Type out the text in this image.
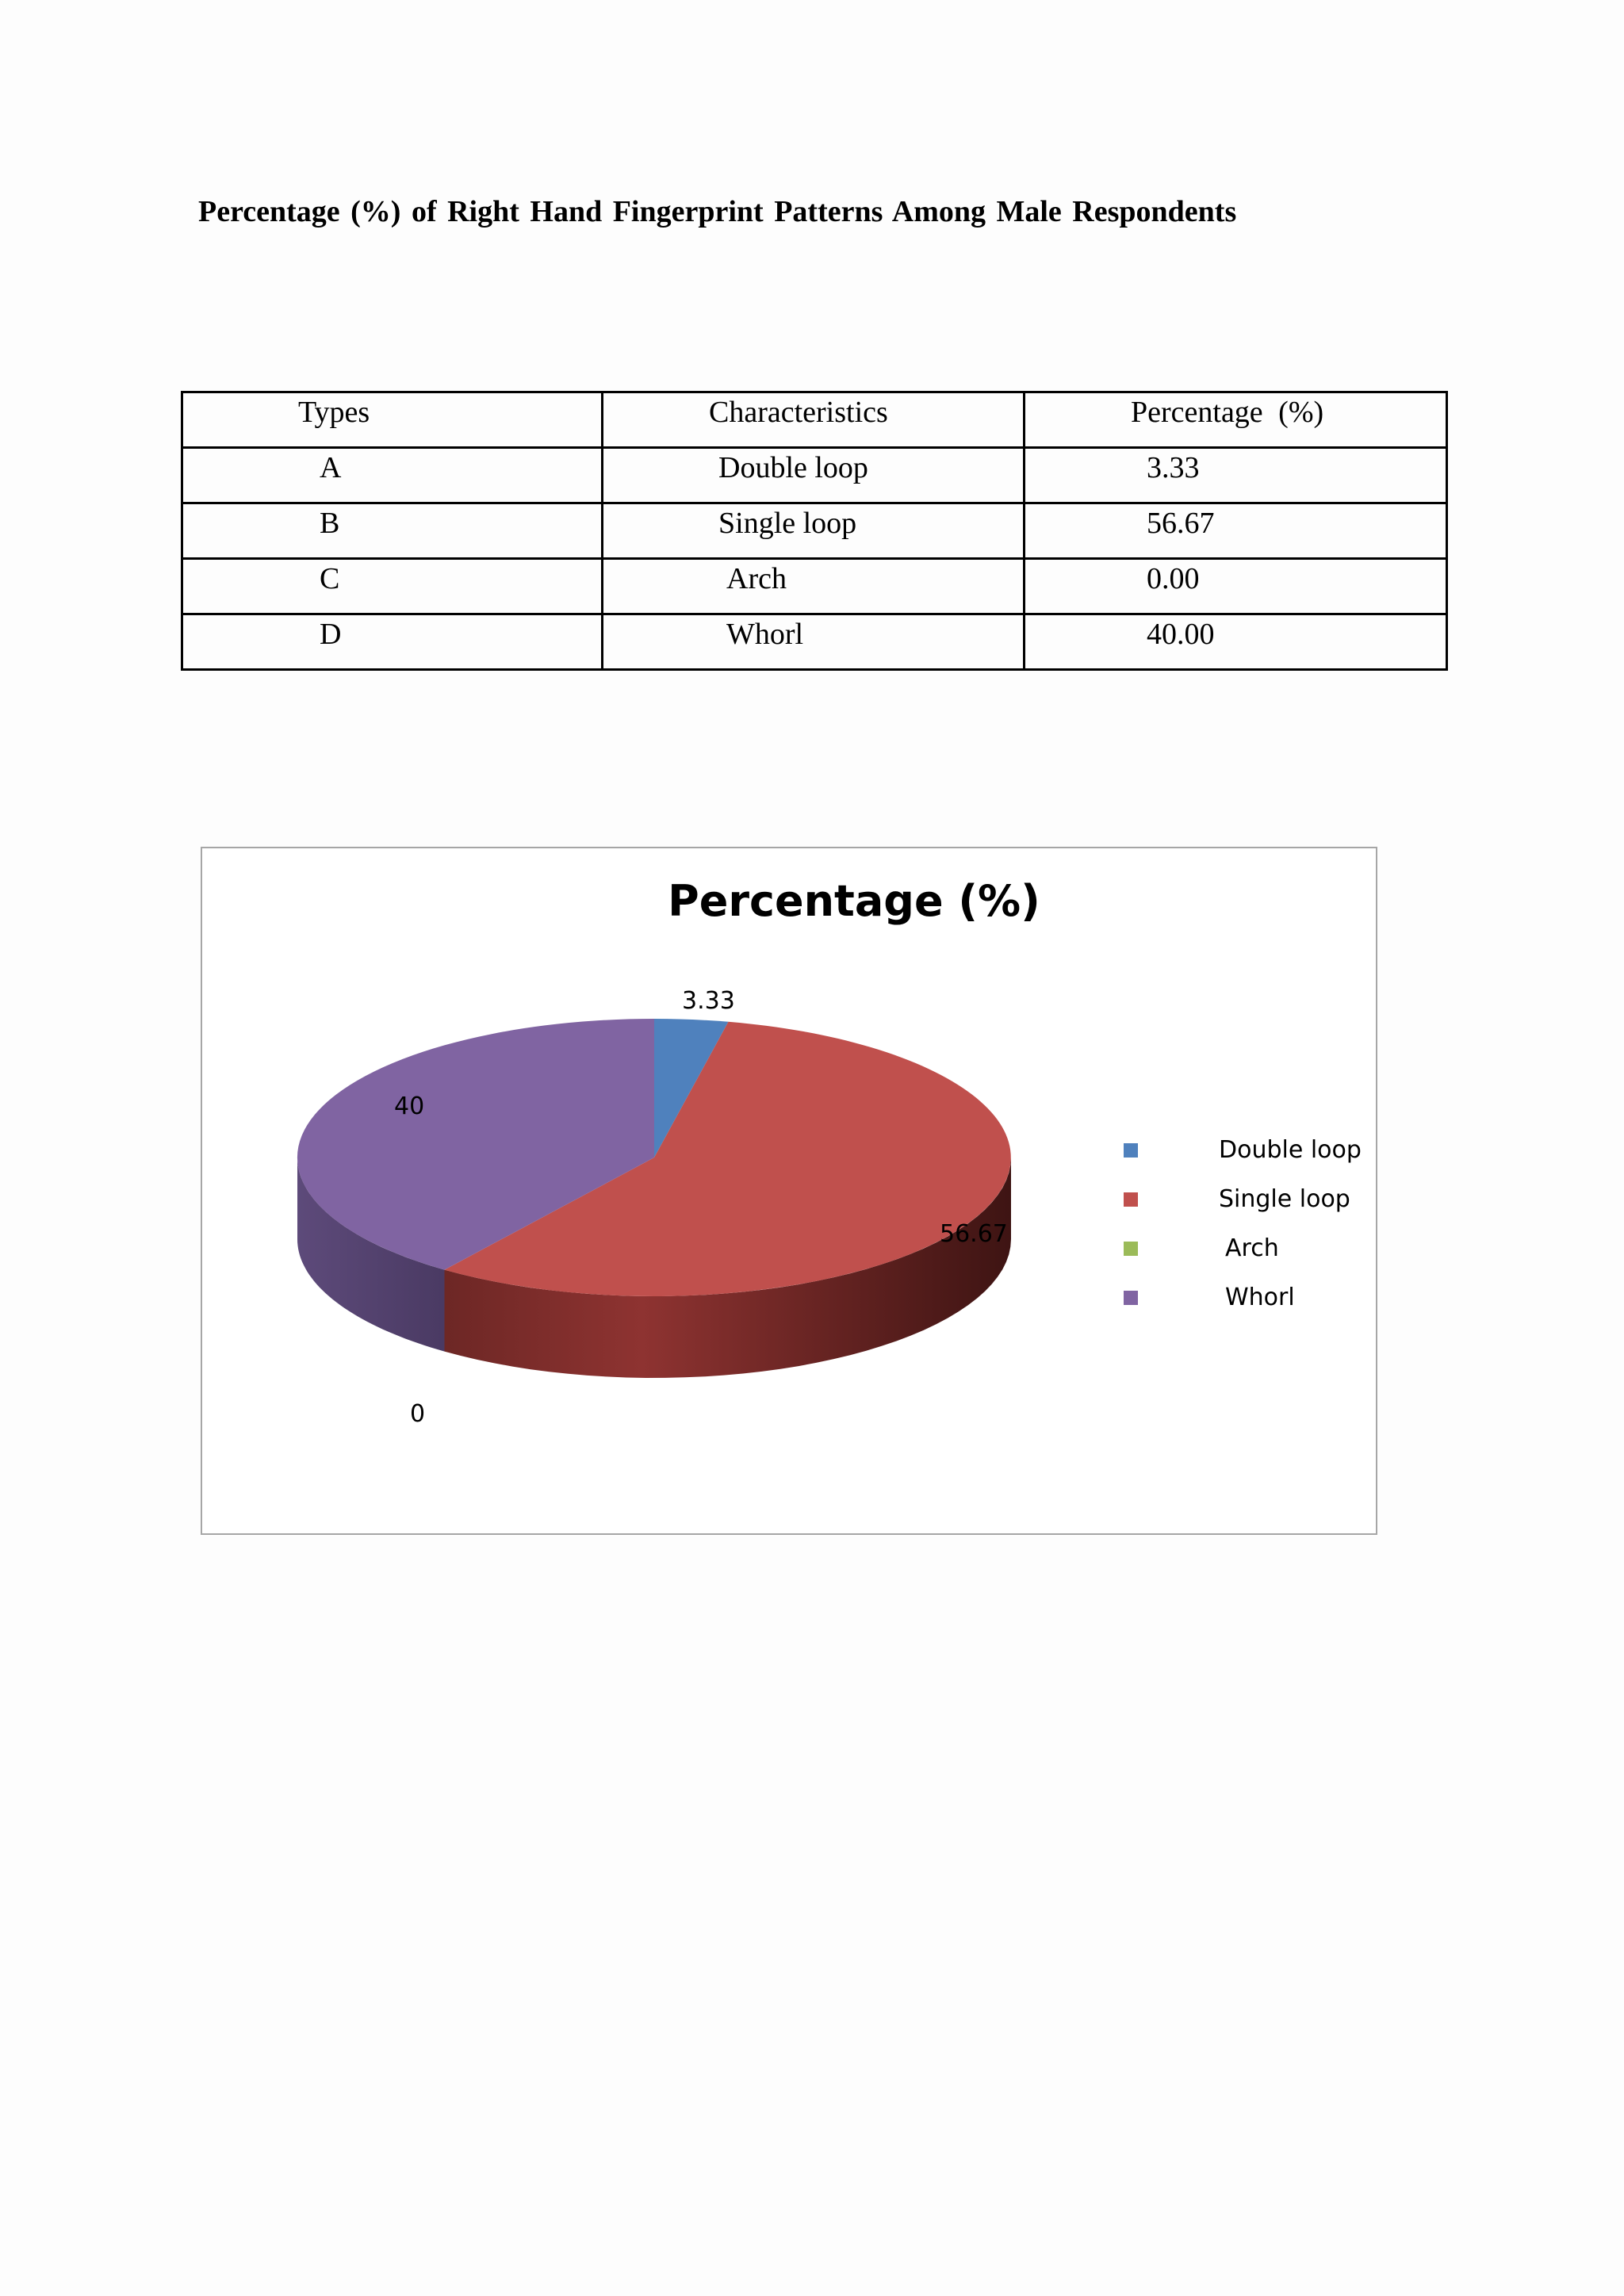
Percentage (%) of Right Hand Fingerprint Patterns Among Male Respondents
Types	Characteristics	Percentage (%)
A	Double loop	3.33
B	Single loop	56.67
C	Arch	0.00
D	Whorl	40.00
Percentage (%)
3.33
56.67
0
40
Double loop
Single loop
Arch
Whorl
